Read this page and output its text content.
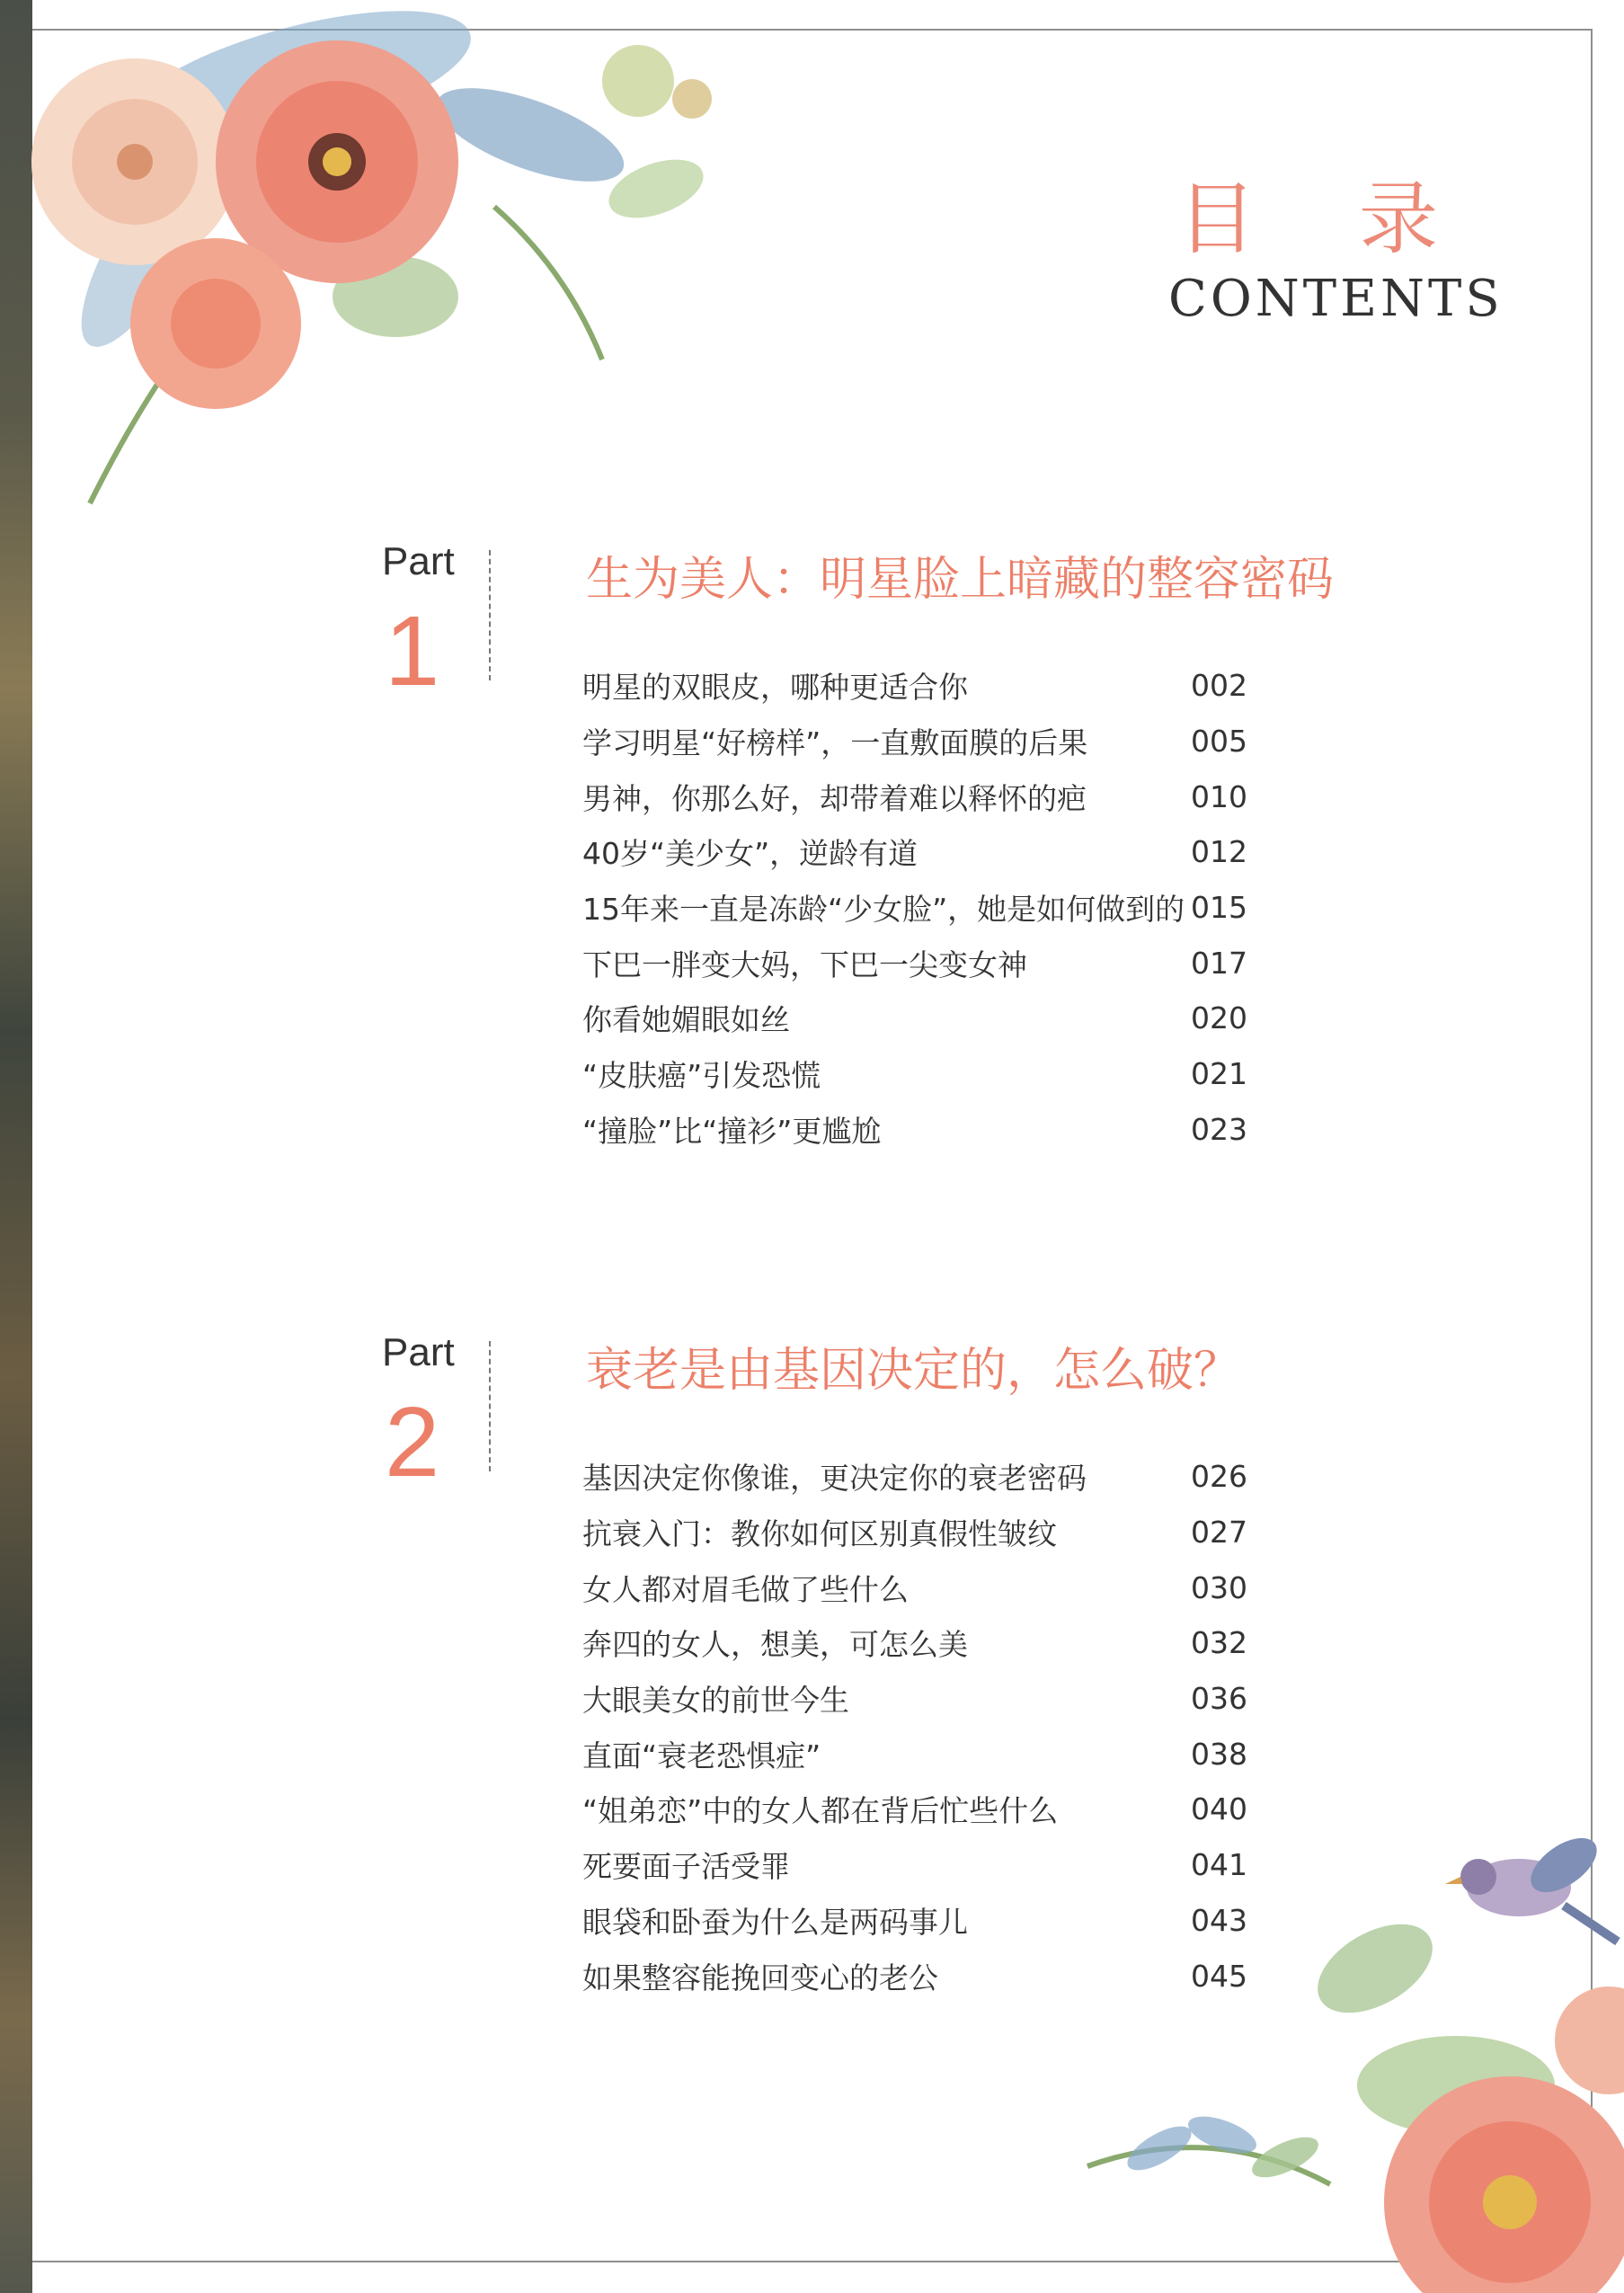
目 录
CONTENTS
Part
1
生为美人：明星脸上暗藏的整容密码
明星的双眼皮，哪种更适合你	002
学习明星“好榜样”，一直敷面膜的后果	005
男神，你那么好，却带着难以释怀的疤	010
40岁“美少女”，逆龄有道	012
15年来一直是冻龄“少女脸”，她是如何做到的 015
下巴一胖变大妈，下巴一尖变女神	017
你看她媚眼如丝	020
“皮肤癌”引发恐慌	021
“撞脸”比“撞衫”更尴尬	023
Part
2
衰老是由基因决定的，怎么破？
基因决定你像谁，更决定你的衰老密码	026
抗衰入门：教你如何区别真假性皱纹	027
女人都对眉毛做了些什么	030
奔四的女人，想美，可怎么美	032
大眼美女的前世今生	036
直面“衰老恐惧症”	038
“姐弟恋”中的女人都在背后忙些什么	040
死要面子活受罪	041
眼袋和卧蚕为什么是两码事儿	043
如果整容能挽回变心的老公	045
